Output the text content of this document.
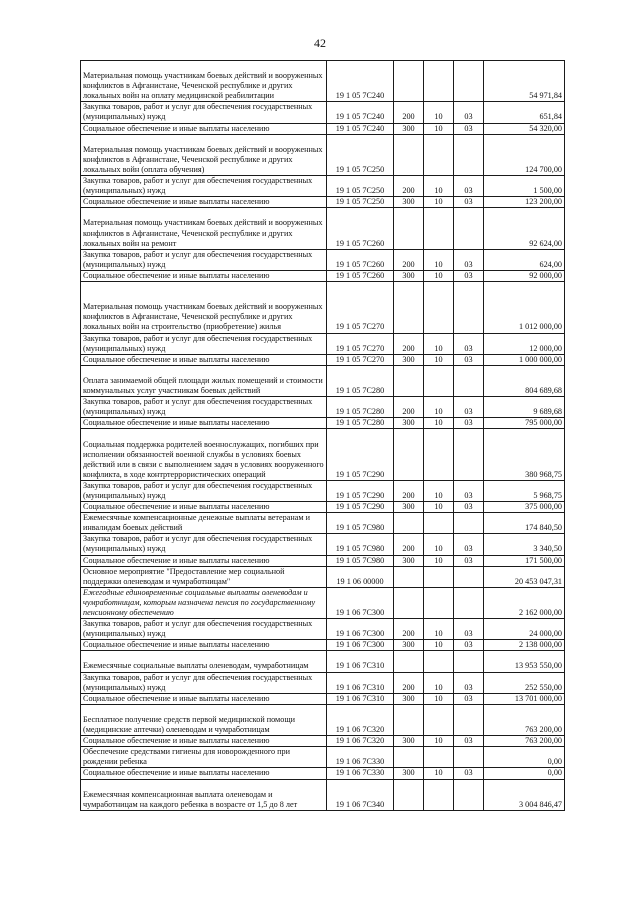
42
Материальная помощь участникам боевых действий и вооруженных конфликтов в Афганистане, Чеченской республике и других локальных войн на оплату медицинской реабилитации	19 1 05 7С240				54 971,84
Закупка товаров, работ и услуг для обеспечения государственных (муниципальных) нужд	19 1 05 7С240	200	10	03	651,84
Социальное обеспечение и иные выплаты населению	19 1 05 7С240	300	10	03	54 320,00
Материальная помощь участникам боевых действий и вооруженных конфликтов в Афганистане, Чеченской республике и других локальных войн (оплата обучения)	19 1 05 7С250				124 700,00
Закупка товаров, работ и услуг для обеспечения государственных (муниципальных) нужд	19 1 05 7С250	200	10	03	1 500,00
Социальное обеспечение и иные выплаты населению	19 1 05 7С250	300	10	03	123 200,00
Материальная помощь участникам боевых действий и вооруженных конфликтов в Афганистане, Чеченской республике и других локальных войн на ремонт	19 1 05 7С260				92 624,00
Закупка товаров, работ и услуг для обеспечения государственных (муниципальных) нужд	19 1 05 7С260	200	10	03	624,00
Социальное обеспечение и иные выплаты населению	19 1 05 7С260	300	10	03	92 000,00
Материальная помощь участникам боевых действий и вооруженных конфликтов в Афганистане, Чеченской республике и других локальных войн на строительство (приобретение) жилья	19 1 05 7С270				1 012 000,00
Закупка товаров, работ и услуг для обеспечения государственных (муниципальных) нужд	19 1 05 7С270	200	10	03	12 000,00
Социальное обеспечение и иные выплаты населению	19 1 05 7С270	300	10	03	1 000 000,00
Оплата занимаемой общей площади жилых помещений и стоимости коммунальных услуг участникам боевых действий	19 1 05 7С280				804 689,68
Закупка товаров, работ и услуг для обеспечения государственных (муниципальных) нужд	19 1 05 7С280	200	10	03	9 689,68
Социальное обеспечение и иные выплаты населению	19 1 05 7С280	300	10	03	795 000,00
Социальная поддержка родителей военнослужащих, погибших при исполнении обязанностей военной службы в условиях боевых действий или в связи с выполнением задач в условиях вооруженного конфликта, в ходе контртеррористических операций	19 1 05 7С290				380 968,75
Закупка товаров, работ и услуг для обеспечения государственных (муниципальных) нужд	19 1 05 7С290	200	10	03	5 968,75
Социальное обеспечение и иные выплаты населению	19 1 05 7С290	300	10	03	375 000,00
Ежемесячные компенсационные денежные выплаты ветеранам и инвалидам боевых действий	19 1 05 7С980				174 840,50
Закупка товаров, работ и услуг для обеспечения государственных (муниципальных) нужд	19 1 05 7С980	200	10	03	3 340,50
Социальное обеспечение и иные выплаты населению	19 1 05 7С980	300	10	03	171 500,00
Основное мероприятие "Предоставление мер социальной поддержки оленеводам и чумработницам"	19 1 06 00000				20 453 047,31
Ежегодные единовременные социальные выплаты оленеводам и чумработницам, которым назначена пенсия по государственному пенсионному обеспечению	19 1 06 7С300				2 162 000,00
Закупка товаров, работ и услуг для обеспечения государственных (муниципальных) нужд	19 1 06 7С300	200	10	03	24 000,00
Социальное обеспечение и иные выплаты населению	19 1 06 7С300	300	10	03	2 138 000,00
Ежемесячные социальные выплаты оленеводам, чумработницам	19 1 06 7С310				13 953 550,00
Закупка товаров, работ и услуг для обеспечения государственных (муниципальных) нужд	19 1 06 7С310	200	10	03	252 550,00
Социальное обеспечение и иные выплаты населению	19 1 06 7С310	300	10	03	13 701 000,00
Бесплатное получение средств первой медицинской помощи (медицинские аптечки) оленеводам и чумработницам	19 1 06 7С320				763 200,00
Социальное обеспечение и иные выплаты населению	19 1 06 7С320	300	10	03	763 200,00
Обеспечение средствами гигиены для новорожденного при рождении ребенка	19 1 06 7С330				0,00
Социальное обеспечение и иные выплаты населению	19 1 06 7С330	300	10	03	0,00
Ежемесячная компенсационная выплата оленеводам и чумработницам на каждого ребенка в возрасте от 1,5 до 8 лет	19 1 06 7С340				3 004 846,47
